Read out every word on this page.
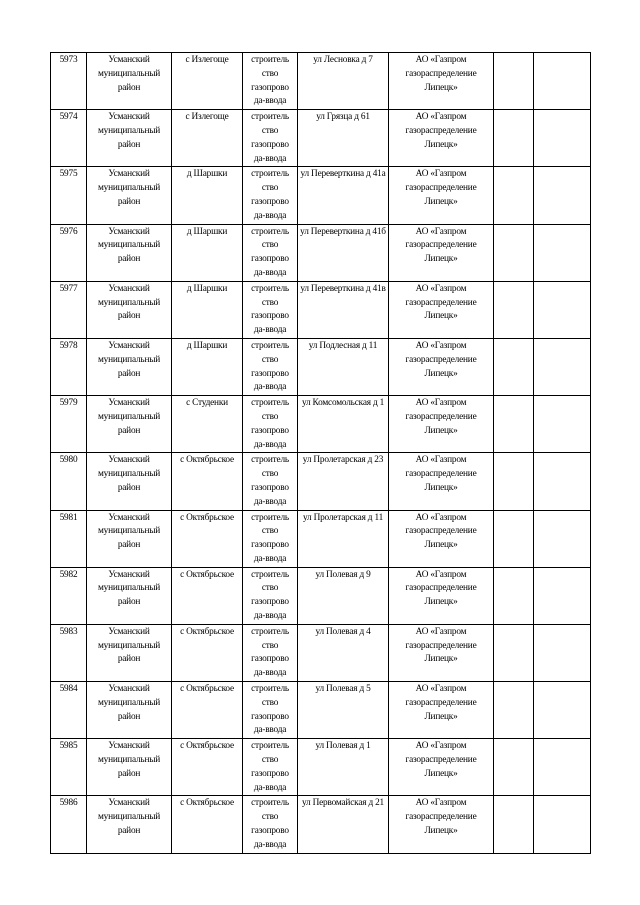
5973	Усманский муниципальный район	с Излегоще	строитель ство газопрово да-ввода	ул Лесновка д 7	АО «Газпром газораспределение Липецк»		
5974	Усманский муниципальный район	с Излегоще	строитель ство газопрово да-ввода	ул Грязца д 61	АО «Газпром газораспределение Липецк»		
5975	Усманский муниципальный район	д Шаршки	строитель ство газопрово да-ввода	ул Переверткина д 41а	АО «Газпром газораспределение Липецк»		
5976	Усманский муниципальный район	д Шаршки	строитель ство газопрово да-ввода	ул Переверткина д 41б	АО «Газпром газораспределение Липецк»		
5977	Усманский муниципальный район	д Шаршки	строитель ство газопрово да-ввода	ул Переверткина д 41в	АО «Газпром газораспределение Липецк»		
5978	Усманский муниципальный район	д Шаршки	строитель ство газопрово да-ввода	ул Подлесная д 11	АО «Газпром газораспределение Липецк»		
5979	Усманский муниципальный район	с Студенки	строитель ство газопрово да-ввода	ул Комсомольская д 1	АО «Газпром газораспределение Липецк»		
5980	Усманский муниципальный район	с Октябрьское	строитель ство газопрово да-ввода	ул Пролетарская д 23	АО «Газпром газораспределение Липецк»		
5981	Усманский муниципальный район	с Октябрьское	строитель ство газопрово да-ввода	ул Пролетарская д 11	АО «Газпром газораспределение Липецк»		
5982	Усманский муниципальный район	с Октябрьское	строитель ство газопрово да-ввода	ул Полевая д 9	АО «Газпром газораспределение Липецк»		
5983	Усманский муниципальный район	с Октябрьское	строитель ство газопрово да-ввода	ул Полевая д 4	АО «Газпром газораспределение Липецк»		
5984	Усманский муниципальный район	с Октябрьское	строитель ство газопрово да-ввода	ул Полевая д 5	АО «Газпром газораспределение Липецк»		
5985	Усманский муниципальный район	с Октябрьское	строитель ство газопрово да-ввода	ул Полевая д 1	АО «Газпром газораспределение Липецк»		
5986	Усманский муниципальный район	с Октябрьское	строитель ство газопрово да-ввода	ул Первомайская д 21	АО «Газпром газораспределение Липецк»		
